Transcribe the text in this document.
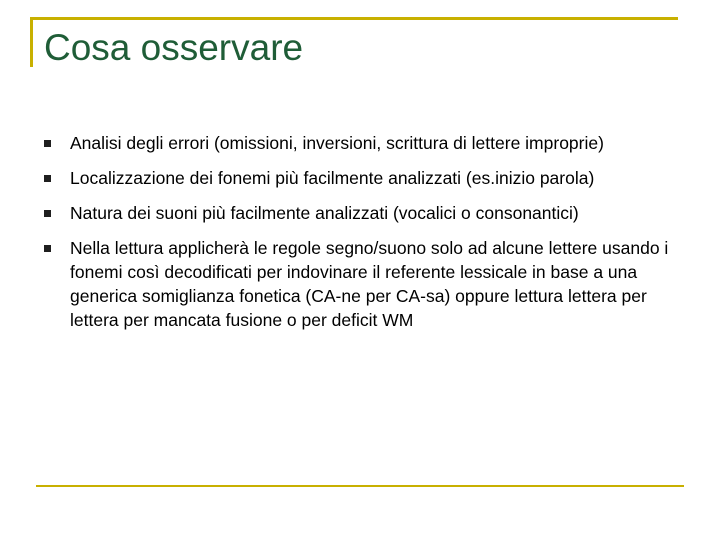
Cosa osservare
Analisi degli errori (omissioni, inversioni, scrittura di lettere improprie)
Localizzazione dei fonemi più facilmente analizzati (es.inizio parola)
Natura dei suoni più facilmente analizzati (vocalici o consonantici)
Nella lettura applicherà le regole segno/suono solo ad alcune lettere usando i fonemi così decodificati per indovinare il referente lessicale in base a una generica somiglianza fonetica (CA-ne per CA-sa) oppure lettura lettera per lettera per mancata fusione o per deficit WM
